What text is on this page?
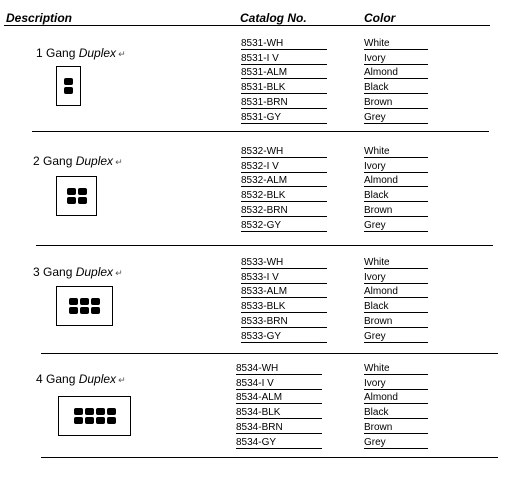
Description	Catalog No.	Color
1 Gang Duplex ↵
8531-WH	White
8531-I V	Ivory
8531-ALM	Almond
8531-BLK	Black
8531-BRN	Brown
8531-GY	Grey
2 Gang Duplex ↵
8532-WH	White
8532-I V	Ivory
8532-ALM	Almond
8532-BLK	Black
8532-BRN	Brown
8532-GY	Grey
3 Gang Duplex ↵
8533-WH	White
8533-I V	Ivory
8533-ALM	Almond
8533-BLK	Black
8533-BRN	Brown
8533-GY	Grey
4 Gang Duplex ↵
8534-WH	White
8534-I V	Ivory
8534-ALM	Almond
8534-BLK	Black
8534-BRN	Brown
8534-GY	Grey
